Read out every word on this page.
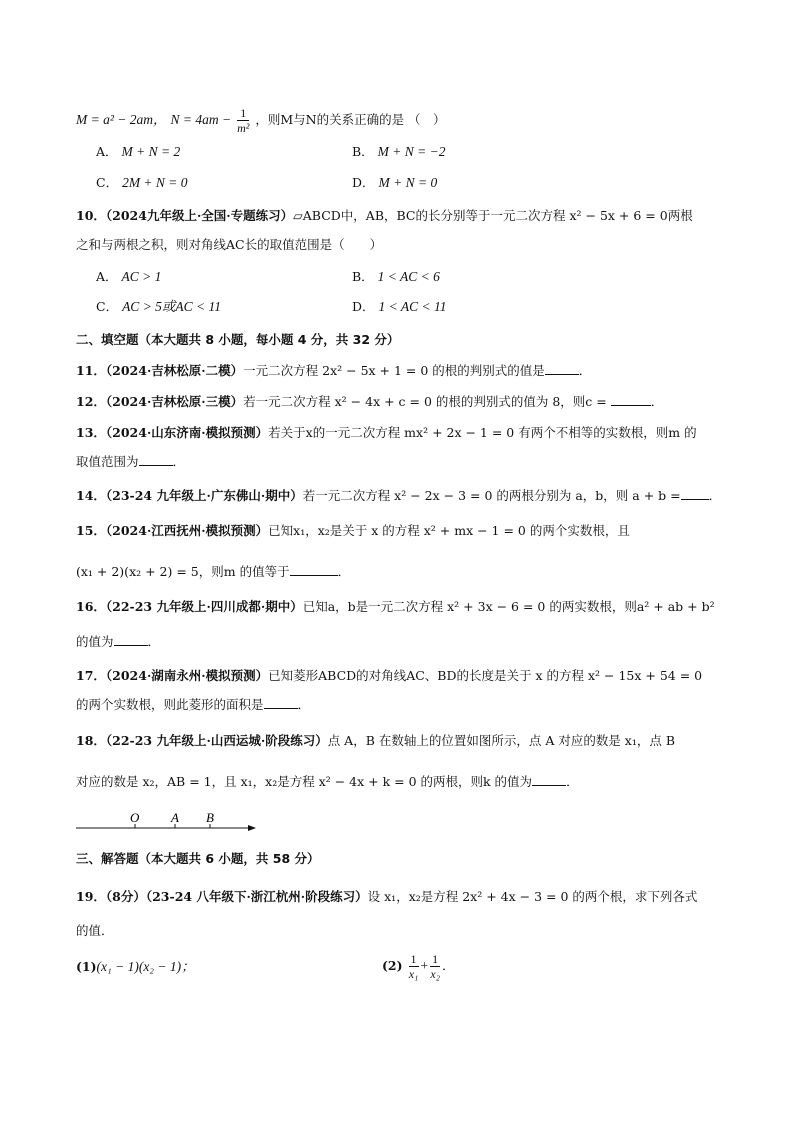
M = a² − 2am， $N = 4am - \frac{1}{\text{m²}}$ ，则M与N的关系正确的是 （　）
A． M + N = 2	B． M + N = −2
C． 2M + N = 0	D． M + N = 0
10．（2024九年级上·全国·专题练习）▱ABCD中，AB，BC的长分别等于一元二次方程 x² − 5x + 6 = 0两根
之和与两根之积，则对角线AC长的取值范围是（　　）
A． AC > 1	B． 1 < AC < 6
C． AC > 5或AC < 11	D． 1 < AC < 11
二、填空题（本大题共 8 小题，每小题 4 分，共 32 分）
11．（2024·吉林松原·二模）一元二次方程 2x² − 5x + 1 = 0 的根的判别式的值是	．
12．（2024·吉林松原·三模）若一元二次方程 x² − 4x + c = 0 的根的判别式的值为 8，则c =	．
13．（2024·山东济南·模拟预测）若关于x的一元二次方程 mx² + 2x − 1 = 0 有两个不相等的实数根，则m 的
取值范围为	．
14．（23-24 九年级上·广东佛山·期中）若一元二次方程 x² − 2x − 3 = 0 的两根分别为 a，b，则 a + b = ．
15．（2024·江西抚州·模拟预测）已知x₁，x₂是关于 x 的方程 x² + mx − 1 = 0 的两个实数根，且
(x₁ + 2)(x₂ + 2) = 5，则m 的值等于	．
16．（22-23 九年级上·四川成都·期中）已知a，b是一元二次方程 x² + 3x − 6 = 0 的两实数根，则a² + ab + b²
的值为	．
17．（2024·湖南永州·模拟预测）已知菱形ABCD的对角线AC、BD的长度是关于 x 的方程 x² − 15x + 54 = 0
的两个实数根，则此菱形的面积是	．
18．（22-23 九年级上·山西运城·阶段练习）点 A，B 在数轴上的位置如图所示，点 A 对应的数是 x₁，点 B
对应的数是 x₂，AB = 1，且 x₁，x₂是方程 x² − 4x + k = 0 的两根，则k 的值为	．
O A B
三、解答题（本大题共 6 小题，共 58 分）
19．（8分）（23-24 八年级下·浙江杭州·阶段练习）设 x₁，x₂是方程 2x² + 4x − 3 = 0 的两个根，求下列各式
的值．
(1)(x₁ − 1)(x₂ − 1)；	$(2) \frac{1}{\text{x₁}} + \frac{1}{\text{x₂}}$ ．
